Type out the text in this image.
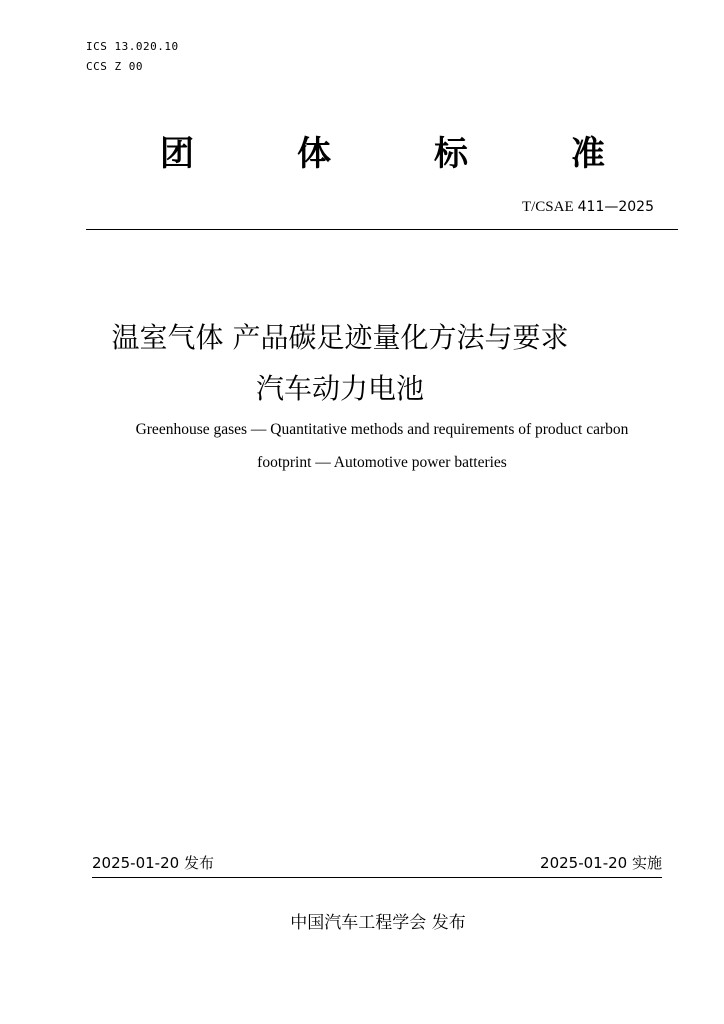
ICS 13.020.10
CCS Z 00
团	体	标	准
T/CSAE 411—2025
温室气体 产品碳足迹量化方法与要求
汽车动力电池
Greenhouse gases — Quantitative methods and requirements of product carbon
footprint — Automotive power batteries
2025-01-20 发布	2025-01-20 实施
中国汽车工程学会 发布
